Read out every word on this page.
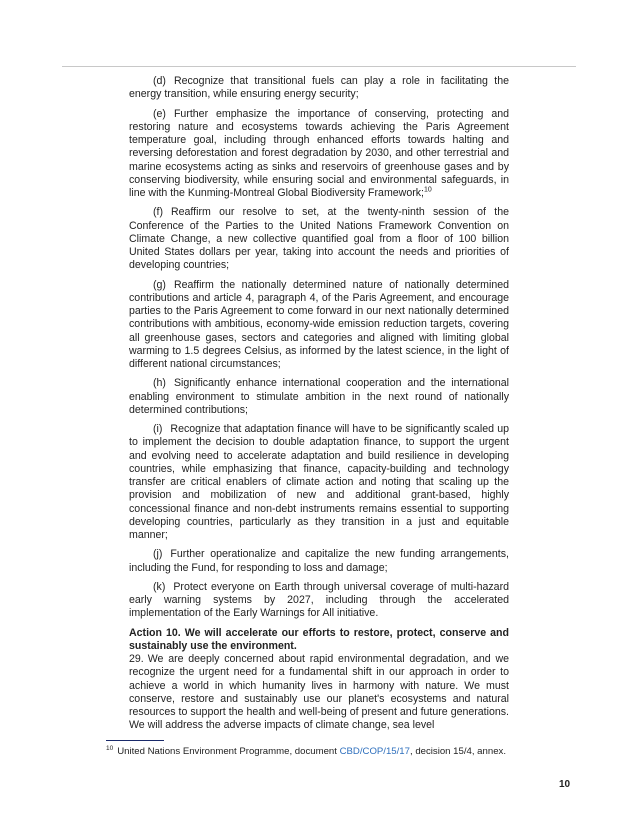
(d) Recognize that transitional fuels can play a role in facilitating the energy transition, while ensuring energy security;

(e) Further emphasize the importance of conserving, protecting and restoring nature and ecosystems towards achieving the Paris Agreement temperature goal, including through enhanced efforts towards halting and reversing deforestation and forest degradation by 2030, and other terrestrial and marine ecosystems acting as sinks and reservoirs of greenhouse gases and by conserving biodiversity, while ensuring social and environmental safeguards, in line with the Kunming-Montreal Global Biodiversity Framework;$^{10}$

(f) Reaffirm our resolve to set, at the twenty-ninth session of the Conference of the Parties to the United Nations Framework Convention on Climate Change, a new collective quantified goal from a floor of 100 billion United States dollars per year, taking into account the needs and priorities of developing countries;

(g) Reaffirm the nationally determined nature of nationally determined contributions and article 4, paragraph 4, of the Paris Agreement, and encourage parties to the Paris Agreement to come forward in our next nationally determined contributions with ambitious, economy-wide emission reduction targets, covering all greenhouse gases, sectors and categories and aligned with limiting global warming to 1.5 degrees Celsius, as informed by the latest science, in the light of different national circumstances;

(h) Significantly enhance international cooperation and the international enabling environment to stimulate ambition in the next round of nationally determined contributions;

(i) Recognize that adaptation finance will have to be significantly scaled up to implement the decision to double adaptation finance, to support the urgent and evolving need to accelerate adaptation and build resilience in developing countries, while emphasizing that finance, capacity-building and technology transfer are critical enablers of climate action and noting that scaling up the provision and mobilization of new and additional grant-based, highly concessional finance and non-debt instruments remains essential to supporting developing countries, particularly as they transition in a just and equitable manner;

(j) Further operationalize and capitalize the new funding arrangements, including the Fund, for responding to loss and damage;

(k) Protect everyone on Earth through universal coverage of multi-hazard early warning systems by 2027, including through the accelerated implementation of the Early Warnings for All initiative.

Action 10. We will accelerate our efforts to restore, protect, conserve and sustainably use the environment.

29. We are deeply concerned about rapid environmental degradation, and we recognize the urgent need for a fundamental shift in our approach in order to achieve a world in which humanity lives in harmony with nature. We must conserve, restore and sustainably use our planet's ecosystems and natural resources to support the health and well-being of present and future generations. We will address the adverse impacts of climate change, sea level

$^{10}$ United Nations Environment Programme, document CBD/COP/15/17, decision 15/4, annex.
10
